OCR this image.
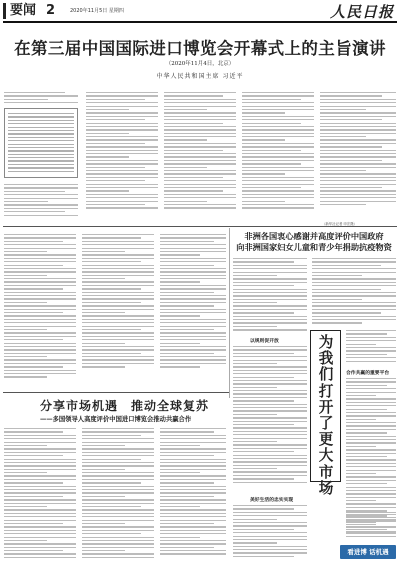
要闻 2	2020年11月5日 星期四	人民日报
在第三届中国国际进口博览会开幕式上的主旨演讲
（2020年11月4日，北京）
中华人民共和国主席 习近平
（新华社记者 申宏摄）
非洲各国衷心感谢并高度评价中国政府
向非洲国家妇女儿童和青少年捐助抗疫物资
以规则促开放
美好生活的忠实实现
为我们打开了更大市场
合作共赢的重要平台
分享市场机遇　推动全球复苏
——多国领导人高度评价中国进口博览会推动共赢合作
看进博 话机遇
